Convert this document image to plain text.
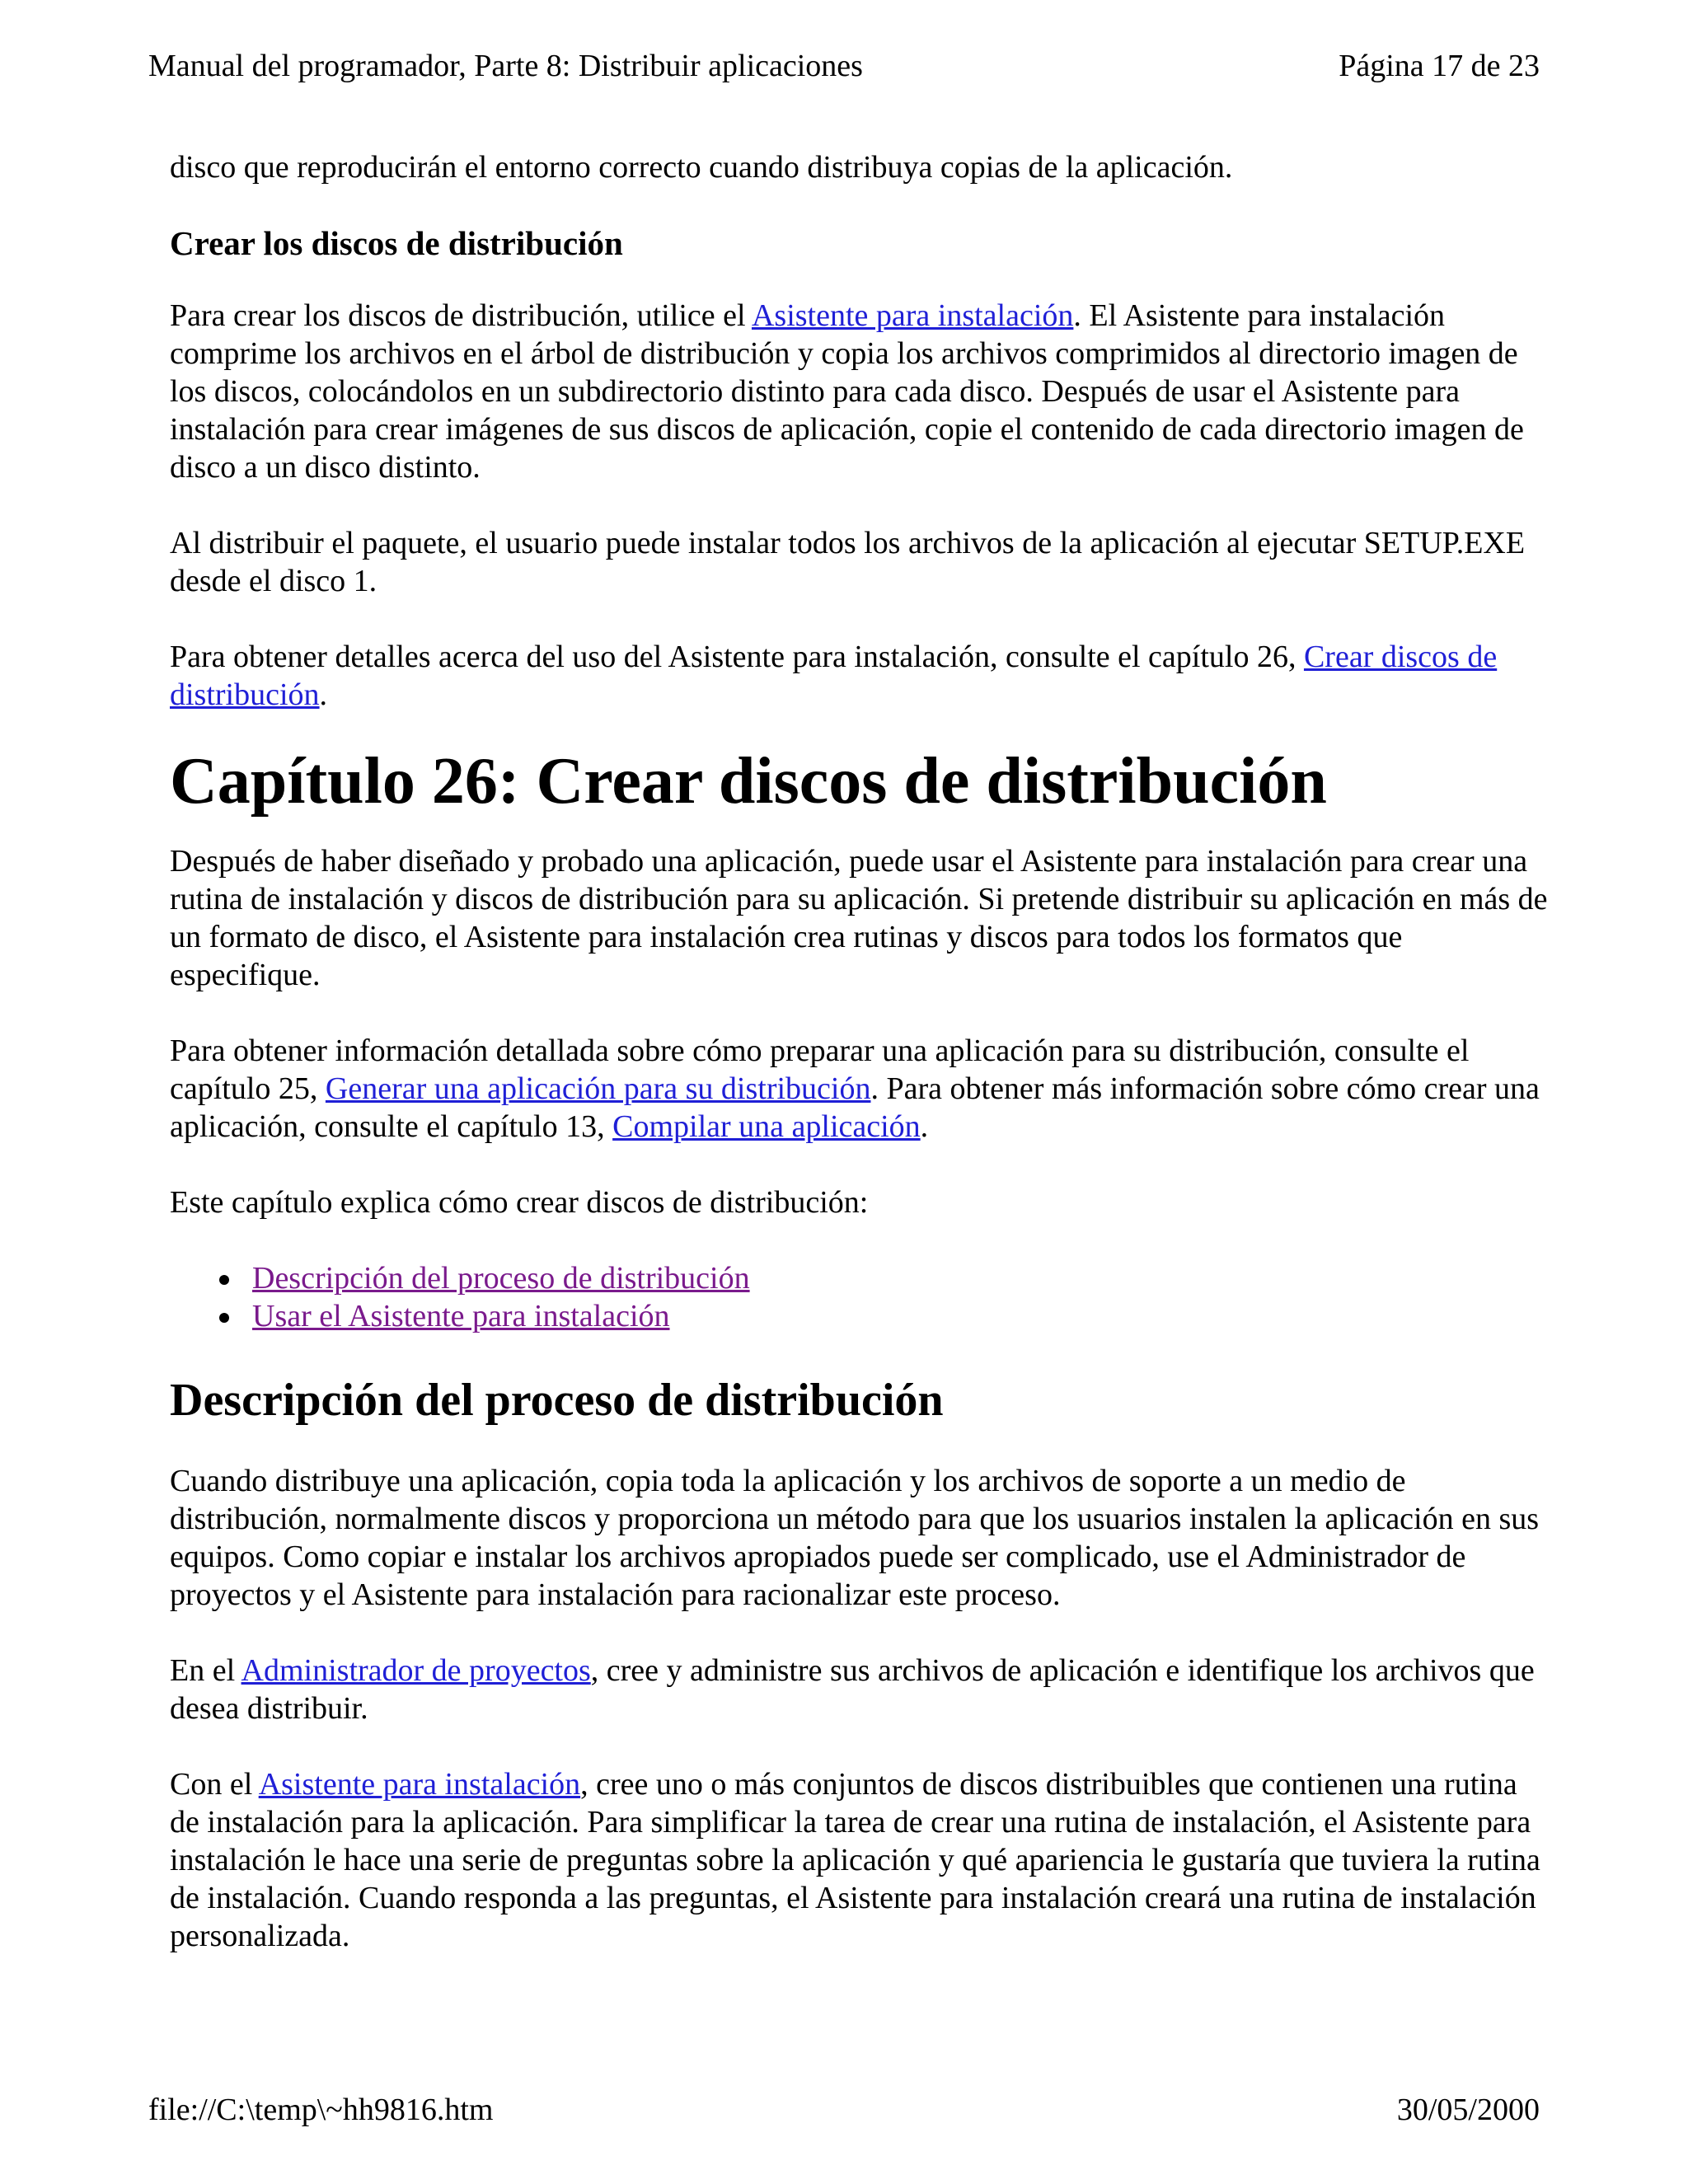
Manual del programador, Parte 8: Distribuir aplicaciones	Página 17 de 23

disco que reproducirán el entorno correcto cuando distribuya copias de la aplicación.

Crear los discos de distribución

Para crear los discos de distribución, utilice el Asistente para instalación. El Asistente para instalación comprime los archivos en el árbol de distribución y copia los archivos comprimidos al directorio imagen de los discos, colocándolos en un subdirectorio distinto para cada disco. Después de usar el Asistente para instalación para crear imágenes de sus discos de aplicación, copie el contenido de cada directorio imagen de disco a un disco distinto.

Al distribuir el paquete, el usuario puede instalar todos los archivos de la aplicación al ejecutar SETUP.EXE desde el disco 1.

Para obtener detalles acerca del uso del Asistente para instalación, consulte el capítulo 26, Crear discos de distribución.

Capítulo 26: Crear discos de distribución

Después de haber diseñado y probado una aplicación, puede usar el Asistente para instalación para crear una rutina de instalación y discos de distribución para su aplicación. Si pretende distribuir su aplicación en más de un formato de disco, el Asistente para instalación crea rutinas y discos para todos los formatos que especifique.

Para obtener información detallada sobre cómo preparar una aplicación para su distribución, consulte el capítulo 25, Generar una aplicación para su distribución. Para obtener más información sobre cómo crear una aplicación, consulte el capítulo 13, Compilar una aplicación.

Este capítulo explica cómo crear discos de distribución:

Descripción del proceso de distribución
Usar el Asistente para instalación
Descripción del proceso de distribución

Cuando distribuye una aplicación, copia toda la aplicación y los archivos de soporte a un medio de distribución, normalmente discos y proporciona un método para que los usuarios instalen la aplicación en sus equipos. Como copiar e instalar los archivos apropiados puede ser complicado, use el Administrador de proyectos y el Asistente para instalación para racionalizar este proceso.

En el Administrador de proyectos, cree y administre sus archivos de aplicación e identifique los archivos que desea distribuir.

Con el Asistente para instalación, cree uno o más conjuntos de discos distribuibles que contienen una rutina de instalación para la aplicación. Para simplificar la tarea de crear una rutina de instalación, el Asistente para instalación le hace una serie de preguntas sobre la aplicación y qué apariencia le gustaría que tuviera la rutina de instalación. Cuando responda a las preguntas, el Asistente para instalación creará una rutina de instalación personalizada.

file://C:\temp\~hh9816.htm	30/05/2000
